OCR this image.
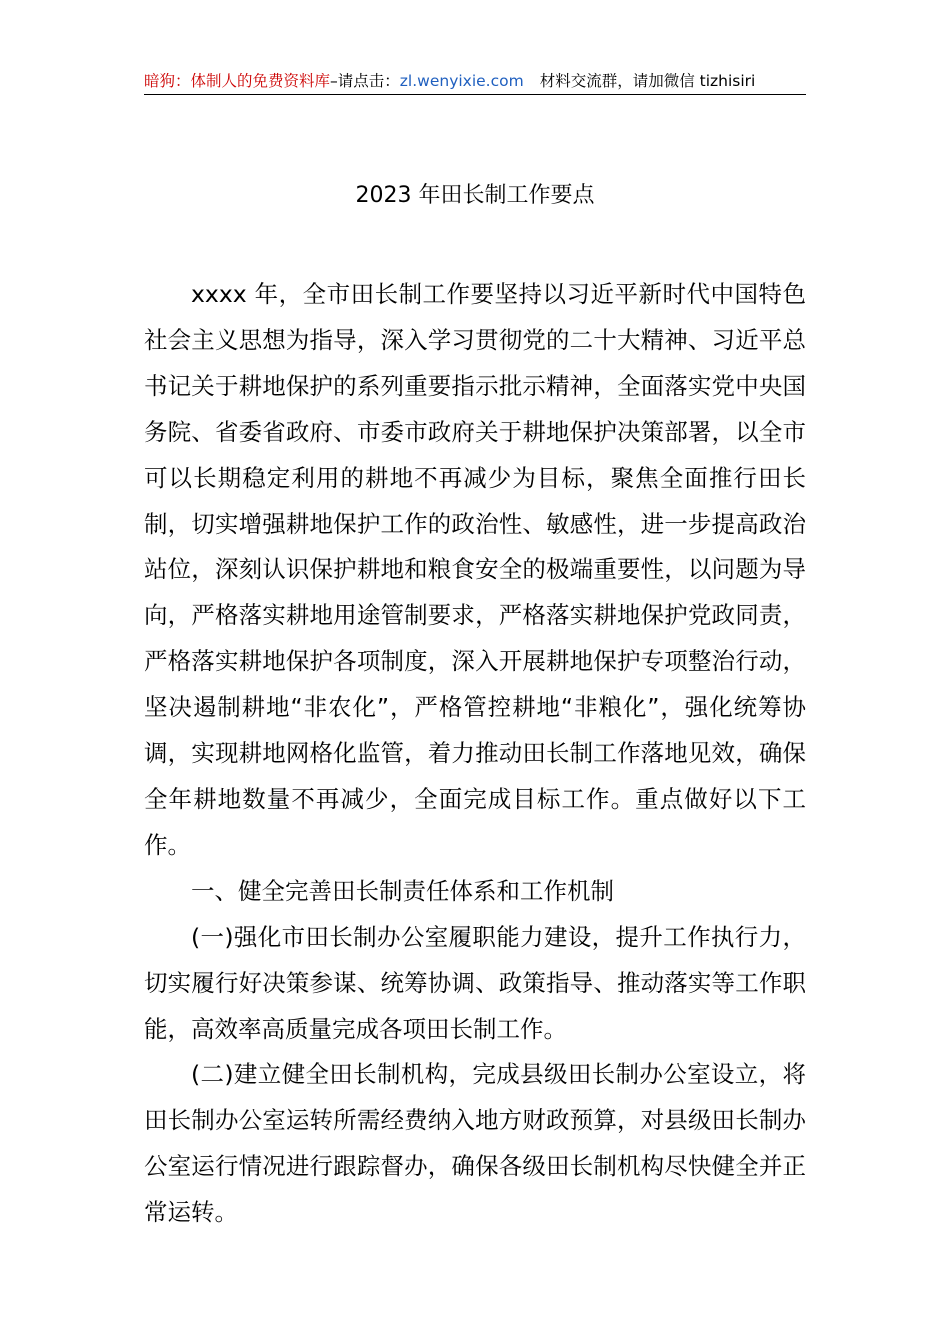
暗狗：体制人的免费资料库–请点击：zl.wenyixie.com 材料交流群，请加微信 tizhisiri
2023 年田长制工作要点

xxxx 年，全市田长制工作要坚持以习近平新时代中国特色社会主义思想为指导，深入学习贯彻党的二十大精神、习近平总书记关于耕地保护的系列重要指示批示精神，全面落实党中央国务院、省委省政府、市委市政府关于耕地保护决策部署，以全市可以长期稳定利用的耕地不再减少为目标，聚焦全面推行田长制，切实增强耕地保护工作的政治性、敏感性，进一步提高政治站位，深刻认识保护耕地和粮食安全的极端重要性，以问题为导向，严格落实耕地用途管制要求，严格落实耕地保护党政同责，严格落实耕地保护各项制度，深入开展耕地保护专项整治行动，坚决遏制耕地“非农化”，严格管控耕地“非粮化”，强化统筹协调，实现耕地网格化监管，着力推动田长制工作落地见效，确保全年耕地数量不再减少，全面完成目标工作。重点做好以下工作。

一、健全完善田长制责任体系和工作机制

(一)强化市田长制办公室履职能力建设，提升工作执行力，切实履行好决策参谋、统筹协调、政策指导、推动落实等工作职能，高效率高质量完成各项田长制工作。

(二)建立健全田长制机构，完成县级田长制办公室设立，将田长制办公室运转所需经费纳入地方财政预算，对县级田长制办公室运行情况进行跟踪督办，确保各级田长制机构尽快健全并正常运转。
